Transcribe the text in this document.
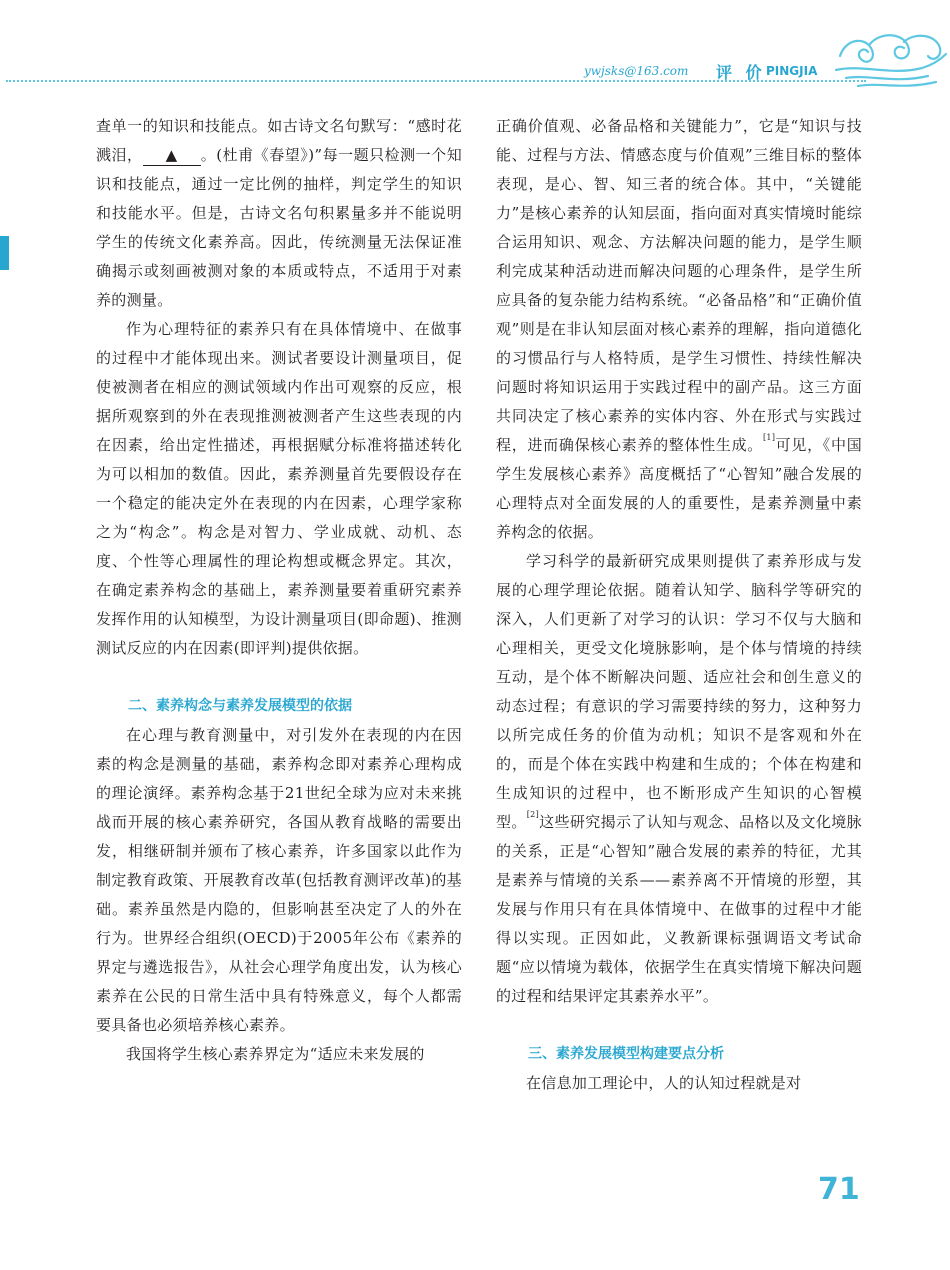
ywjsks@163.com 评 价 PINGJIA

查单一的知识和技能点。如古诗文名句默写：“感时花溅泪， ▲ 。(杜甫《春望》)”每一题只检测一个知识和技能点，通过一定比例的抽样，判定学生的知识和技能水平。但是，古诗文名句积累量多并不能说明学生的传统文化素养高。因此，传统测量无法保证准确揭示或刻画被测对象的本质或特点，不适用于对素养的测量。

作为心理特征的素养只有在具体情境中、在做事的过程中才能体现出来。测试者要设计测量项目，促使被测者在相应的测试领域内作出可观察的反应，根据所观察到的外在表现推测被测者产生这些表现的内在因素，给出定性描述，再根据赋分标准将描述转化为可以相加的数值。因此，素养测量首先要假设存在一个稳定的能决定外在表现的内在因素，心理学家称之为“构念”。构念是对智力、学业成就、动机、态度、个性等心理属性的理论构想或概念界定。其次，在确定素养构念的基础上，素养测量要着重研究素养发挥作用的认知模型，为设计测量项目(即命题)、推测测试反应的内在因素(即评判)提供依据。

二、素养构念与素养发展模型的依据

在心理与教育测量中，对引发外在表现的内在因素的构念是测量的基础，素养构念即对素养心理构成的理论演绎。素养构念基于21世纪全球为应对未来挑战而开展的核心素养研究，各国从教育战略的需要出发，相继研制并颁布了核心素养，许多国家以此作为制定教育政策、开展教育改革(包括教育测评改革)的基础。素养虽然是内隐的，但影响甚至决定了人的外在行为。世界经合组织(OECD)于2005年公布《素养的界定与遴选报告》，从社会心理学角度出发，认为核心素养在公民的日常生活中具有特殊意义，每个人都需要具备也必须培养核心素养。

我国将学生核心素养界定为“适应未来发展的

正确价值观、必备品格和关键能力”，它是“知识与技能、过程与方法、情感态度与价值观”三维目标的整体表现，是心、智、知三者的统合体。其中，“关键能力”是核心素养的认知层面，指向面对真实情境时能综合运用知识、观念、方法解决问题的能力，是学生顺利完成某种活动进而解决问题的心理条件，是学生所应具备的复杂能力结构系统。“必备品格”和“正确价值观”则是在非认知层面对核心素养的理解，指向道德化的习惯品行与人格特质，是学生习惯性、持续性解决问题时将知识运用于实践过程中的副产品。这三方面共同决定了核心素养的实体内容、外在形式与实践过程，进而确保核心素养的整体性生成。[1]可见，《中国学生发展核心素养》高度概括了“心智知”融合发展的心理特点对全面发展的人的重要性，是素养测量中素养构念的依据。

学习科学的最新研究成果则提供了素养形成与发展的心理学理论依据。随着认知学、脑科学等研究的深入，人们更新了对学习的认识：学习不仅与大脑和心理相关，更受文化境脉影响，是个体与情境的持续互动，是个体不断解决问题、适应社会和创生意义的动态过程；有意识的学习需要持续的努力，这种努力以所完成任务的价值为动机；知识不是客观和外在的，而是个体在实践中构建和生成的；个体在构建和生成知识的过程中，也不断形成产生知识的心智模型。[2]这些研究揭示了认知与观念、品格以及文化境脉的关系，正是“心智知”融合发展的素养的特征，尤其是素养与情境的关系——素养离不开情境的形塑，其发展与作用只有在具体情境中、在做事的过程中才能得以实现。正因如此，义教新课标强调语文考试命题“应以情境为载体，依据学生在真实情境下解决问题的过程和结果评定其素养水平”。

三、素养发展模型构建要点分析

在信息加工理论中，人的认知过程就是对

71
